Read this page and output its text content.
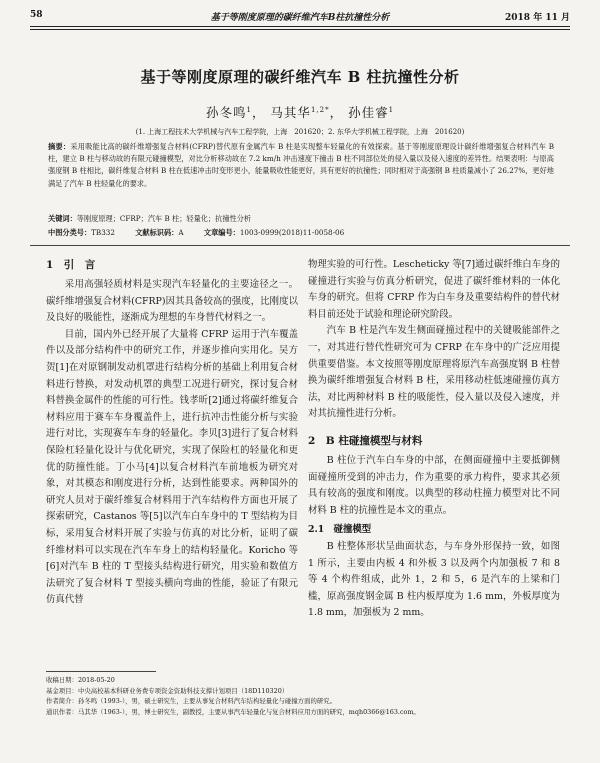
58	基于等刚度原理的碳纤维汽车B柱抗撞性分析	2018 年 11 月
基于等刚度原理的碳纤维汽车 B 柱抗撞性分析
孙冬鸣$^1$， 马其华$^{1,2*}$， 孙佳睿$^1$
(1. 上海工程技术大学机械与汽车工程学院，上海　201620；2. 东华大学机械工程学院，上海　201620)
摘要：采用吸能比高的碳纤维增强复合材料(CFRP)替代原有金属汽车 B 柱是实现整车轻量化的有效探索。基于等刚度原理设计碳纤维增强复合材料汽车 B 柱，建立 B 柱与移动故的有限元碰撞模型，对比分析移动故在 7.2 km/h 冲击速度下撞击 B 柱不同部位处的侵入量以及侵入速度的差异性。结果表明：与原高强度钢 B 柱相比，碳纤维复合材料 B 柱在低速冲击时变形更小，能量吸收性能更好，具有更好的抗撞性；同时相对于高强钢 B 柱质量减小了 26.27%，更好地满足了汽车 B 柱轻量化的要求。
关键词：等刚度原理；CFRP；汽车 B 柱；轻量化；抗撞性分析
中图分类号：TB332	文献标识码：A	文章编号：1003-0999(2018)11-0058-06
1　引　言

采用高强轻质材料是实现汽车轻量化的主要途径之一。碳纤维增强复合材料(CFRP)因其具备较高的强度，比刚度以及良好的吸能性，逐渐成为理想的车身替代材料之一。

目前，国内外已经开展了大量将 CFRP 运用于汽车覆盖件以及部分结构件中的研究工作，并逐步推向实用化。吴方贺[1]在对原钢制发动机罩进行结构分析的基础上利用复合材料进行替换，对发动机罩的典型工况进行研究，探讨复合材料替换金属件的性能的可行性。钱孝昕[2]通过将碳纤维复合材料应用于赛车车身覆盖件上，进行抗冲击性能分析与实验进行对比，实现赛车车身的轻量化。李贝[3]进行了复合材料保险杠轻量化设计与优化研究，实现了保险杠的轻量化和更优的防撞性能。丁小马[4]以复合材料汽车前地板为研究对象，对其模态和刚度进行分析，达到性能要求。两种国外的研究人员对于碳纤维复合材料用于汽车结构件方面也开展了探索研究，Castanos 等[5]以汽车白车身中的 T 型结构为目标，采用复合材料开展了实验与仿真的对比分析，证明了碳纤维材料可以实现在汽车车身上的结构轻量化。Koricho 等[6]对汽车 B 柱的 T 型接头结构进行研究，用实验和数值方法研究了复合材料 T 型接头横向弯曲的性能，验证了有限元仿真代替

物理实验的可行性。Lescheticky 等[7]通过碳纤维白车身的碰撞进行实验与仿真分析研究，促进了碳纤维材料的一体化车身的研究。但将 CFRP 作为白车身及重要结构件的替代材料目前还处于试验和理论研究阶段。

汽车 B 柱是汽车发生侧面碰撞过程中的关键吸能部件之一，对其进行替代性研究可为 CFRP 在车身中的广泛应用提供重要借鉴。本文按照等刚度原理将原汽车高强度钢 B 柱替换为碳纤维增强复合材料 B 柱，采用移动柱低速碰撞仿真方法，对比两种材料 B 柱的吸能性，侵入量以及侵入速度，并对其抗撞性进行分析。

2　B 柱碰撞模型与材料

B 柱位于汽车白车身的中部，在侧面碰撞中主要抵御侧面碰撞所受到的冲击力，作为重要的承力构件，要求其必须具有较高的强度和刚度。以典型的移动柱撞力模型对比不同材料 B 柱的抗撞性是本文的重点。

2.1　碰撞模型

B 柱整体形状呈曲面状态，与车身外形保持一致，如图 1 所示，主要由内板 4 和外板 3 以及两个内加强板 7 和 8 等 4 个构件组成，此外 1，2 和 5，6 是汽车的上梁和门槛，原高强度钢金属 B 柱内板厚度为 1.6 mm，外板厚度为 1.8 mm，加强板为 2 mm。

收稿日期：2018-05-20
基金项目：中央高校基本科研业务费专项资金资助科技支撑计划项目（18D110320）
作者简介：孙冬鸣（1993-），男，硕士研究生，主要从事复合材料汽车结构轻量化与碰撞方面的研究。
通讯作者：马其华（1963-），男，博士研究生，副教授，主要从事汽车轻量化与复合材料应用方面的研究，mqh0366@163.com。
